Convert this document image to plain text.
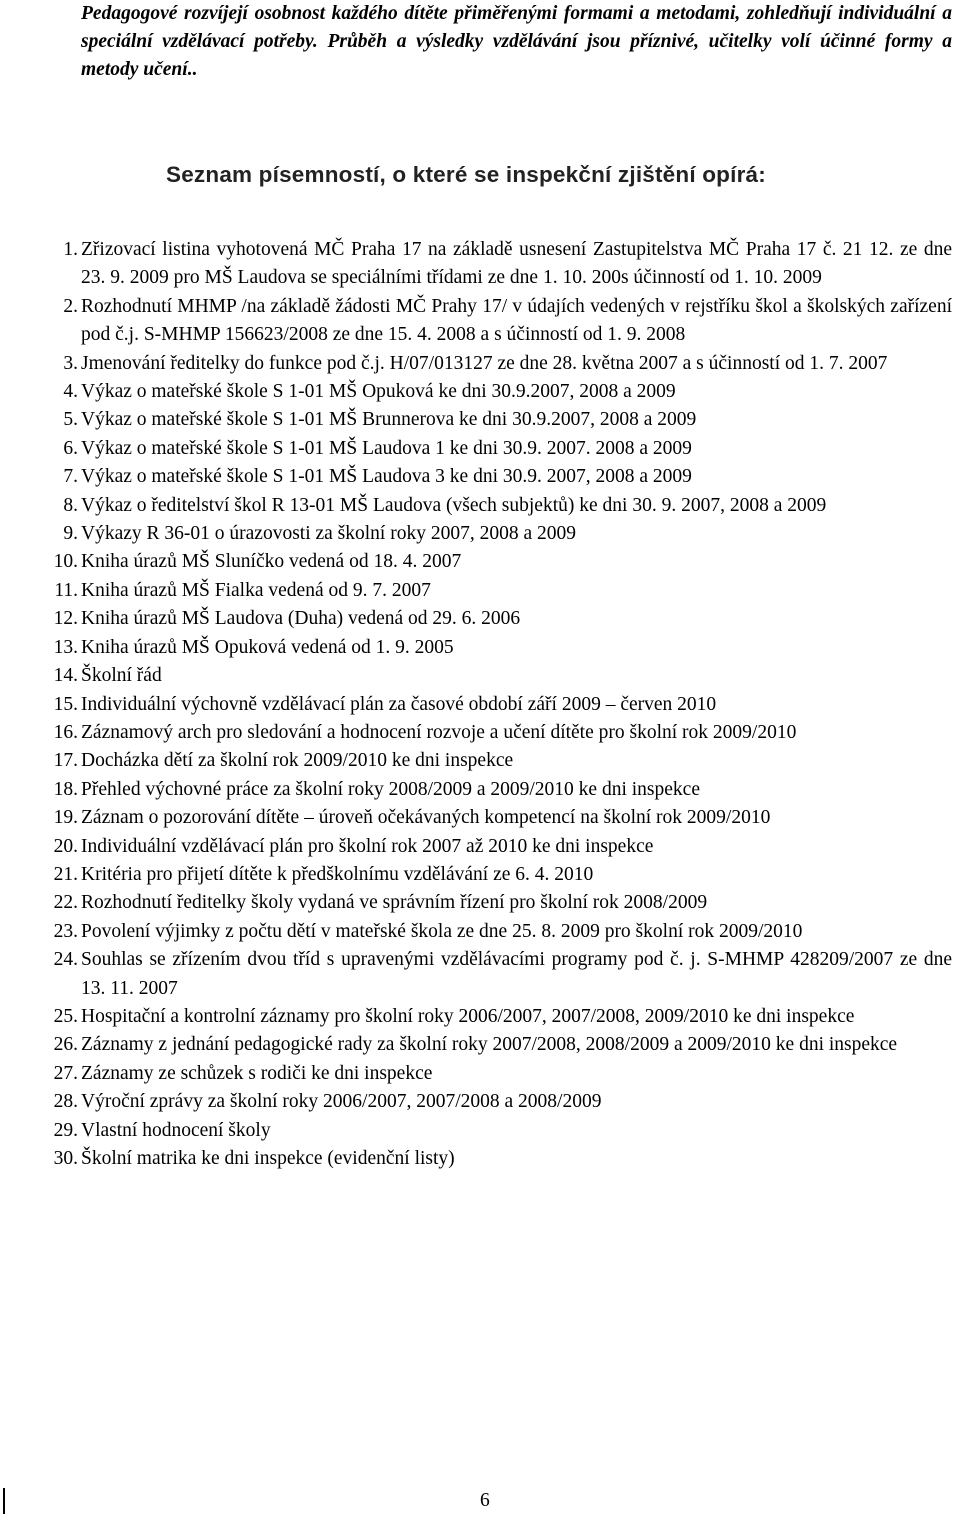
Pedagogové rozvíjejí osobnost každého dítěte přiměřenými formami a metodami, zohledňují individuální a speciální vzdělávací potřeby. Průběh a výsledky vzdělávání jsou příznivé, učitelky volí účinné formy a metody učení..

Seznam písemností, o které se inspekční zjištění opírá:
1. Zřizovací listina vyhotovená MČ Praha 17 na základě usnesení Zastupitelstva MČ Praha 17 č. 21 12. ze dne 23. 9. 2009 pro MŠ Laudova se speciálními třídami ze dne 1. 10. 200s účinností od 1. 10. 2009
2. Rozhodnutí MHMP /na základě žádosti MČ Prahy 17/ v údajích vedených v rejstříku škol a školských zařízení pod č.j. S-MHMP 156623/2008 ze dne 15. 4. 2008 a s účinností od 1. 9. 2008
3. Jmenování ředitelky do funkce pod č.j. H/07/013127 ze dne 28. května 2007 a s účinností od 1. 7. 2007
4. Výkaz o mateřské škole S 1-01 MŠ Opuková ke dni 30.9.2007, 2008 a 2009
5. Výkaz o mateřské škole S 1-01 MŠ Brunnerova ke dni 30.9.2007, 2008 a 2009
6. Výkaz o mateřské škole S 1-01 MŠ Laudova 1 ke dni 30.9. 2007. 2008 a 2009
7. Výkaz o mateřské škole S 1-01 MŠ Laudova 3 ke dni 30.9. 2007, 2008 a 2009
8. Výkaz o ředitelství škol R 13-01 MŠ Laudova (všech subjektů) ke dni 30. 9. 2007, 2008 a 2009
9. Výkazy R 36-01 o úrazovosti za školní roky 2007, 2008 a 2009
10. Kniha úrazů MŠ Sluníčko vedená od 18. 4. 2007
11. Kniha úrazů MŠ Fialka vedená od 9. 7. 2007
12. Kniha úrazů MŠ Laudova (Duha) vedená od 29. 6. 2006
13. Kniha úrazů MŠ Opuková vedená od 1. 9. 2005
14. Školní řád
15. Individuální výchovně vzdělávací plán za časové období září 2009 – červen 2010
16. Záznamový arch pro sledování a hodnocení rozvoje a učení dítěte pro školní rok 2009/2010
17. Docházka dětí za školní rok 2009/2010 ke dni inspekce
18. Přehled výchovné práce za školní roky 2008/2009 a 2009/2010 ke dni inspekce
19. Záznam o pozorování dítěte – úroveň očekávaných kompetencí na školní rok 2009/2010
20. Individuální vzdělávací plán pro školní rok 2007 až 2010 ke dni inspekce
21. Kritéria pro přijetí dítěte k předškolnímu vzdělávání ze 6. 4. 2010
22. Rozhodnutí ředitelky školy vydaná ve správním řízení pro školní rok 2008/2009
23. Povolení výjimky z počtu dětí v mateřské škola ze dne 25. 8. 2009 pro školní rok 2009/2010
24. Souhlas se zřízením dvou tříd s upravenými vzdělávacími programy pod č. j. S-MHMP 428209/2007 ze dne 13. 11. 2007
25. Hospitační a kontrolní záznamy pro školní roky 2006/2007, 2007/2008, 2009/2010 ke dni inspekce
26. Záznamy z jednání pedagogické rady za školní roky 2007/2008, 2008/2009 a 2009/2010 ke dni inspekce
27. Záznamy ze schůzek s rodiči ke dni inspekce
28. Výroční zprávy za školní roky 2006/2007, 2007/2008 a 2008/2009
29. Vlastní hodnocení školy
30. Školní matrika ke dni inspekce (evidenční listy)
6
